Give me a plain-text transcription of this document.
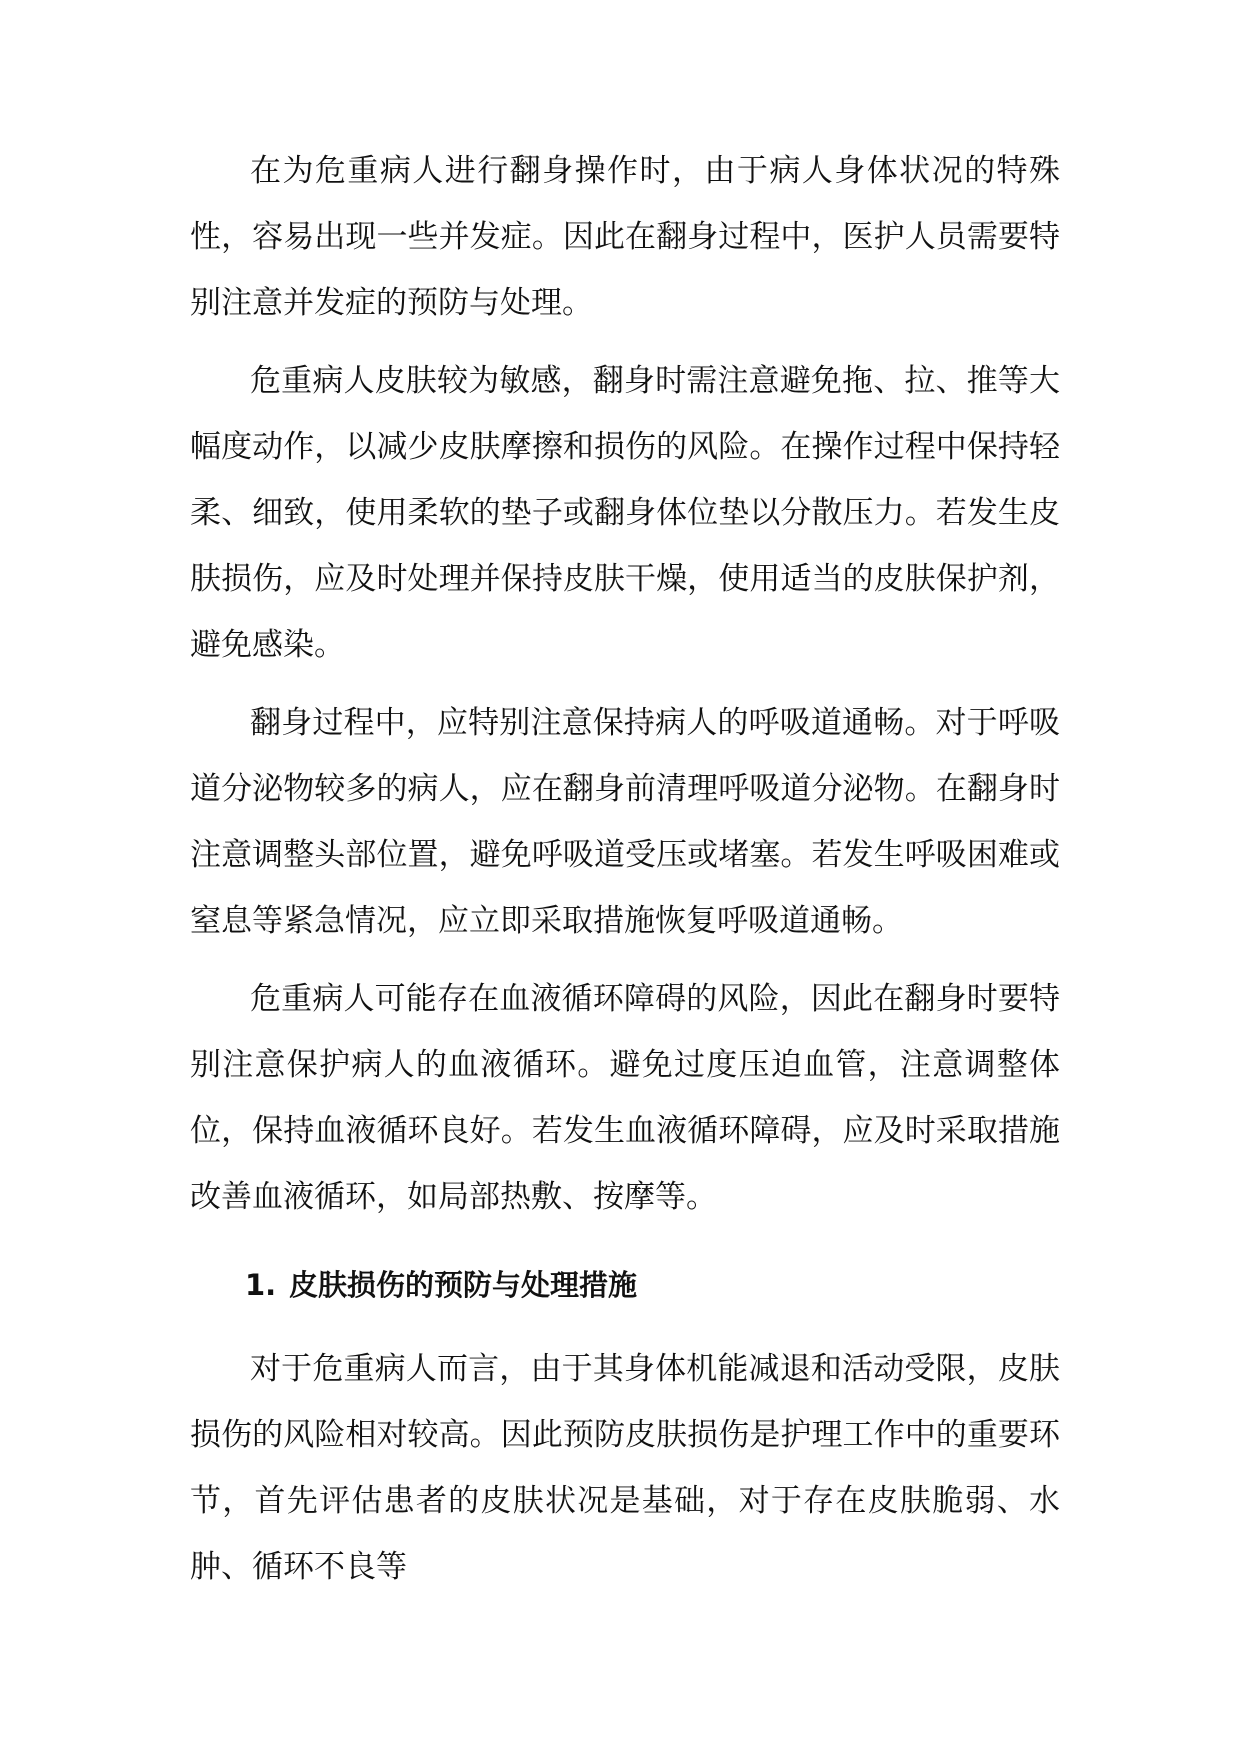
在为危重病人进行翻身操作时，由于病人身体状况的特殊性，容易出现一些并发症。因此在翻身过程中，医护人员需要特别注意并发症的预防与处理。

危重病人皮肤较为敏感，翻身时需注意避免拖、拉、推等大幅度动作，以减少皮肤摩擦和损伤的风险。在操作过程中保持轻柔、细致，使用柔软的垫子或翻身体位垫以分散压力。若发生皮肤损伤，应及时处理并保持皮肤干燥，使用适当的皮肤保护剂，避免感染。

翻身过程中，应特别注意保持病人的呼吸道通畅。对于呼吸道分泌物较多的病人，应在翻身前清理呼吸道分泌物。在翻身时注意调整头部位置，避免呼吸道受压或堵塞。若发生呼吸困难或窒息等紧急情况，应立即采取措施恢复呼吸道通畅。

危重病人可能存在血液循环障碍的风险，因此在翻身时要特别注意保护病人的血液循环。避免过度压迫血管，注意调整体位，保持血液循环良好。若发生血液循环障碍，应及时采取措施改善血液循环，如局部热敷、按摩等。

1. 皮肤损伤的预防与处理措施

对于危重病人而言，由于其身体机能减退和活动受限，皮肤损伤的风险相对较高。因此预防皮肤损伤是护理工作中的重要环节，首先评估患者的皮肤状况是基础，对于存在皮肤脆弱、水肿、循环不良等
